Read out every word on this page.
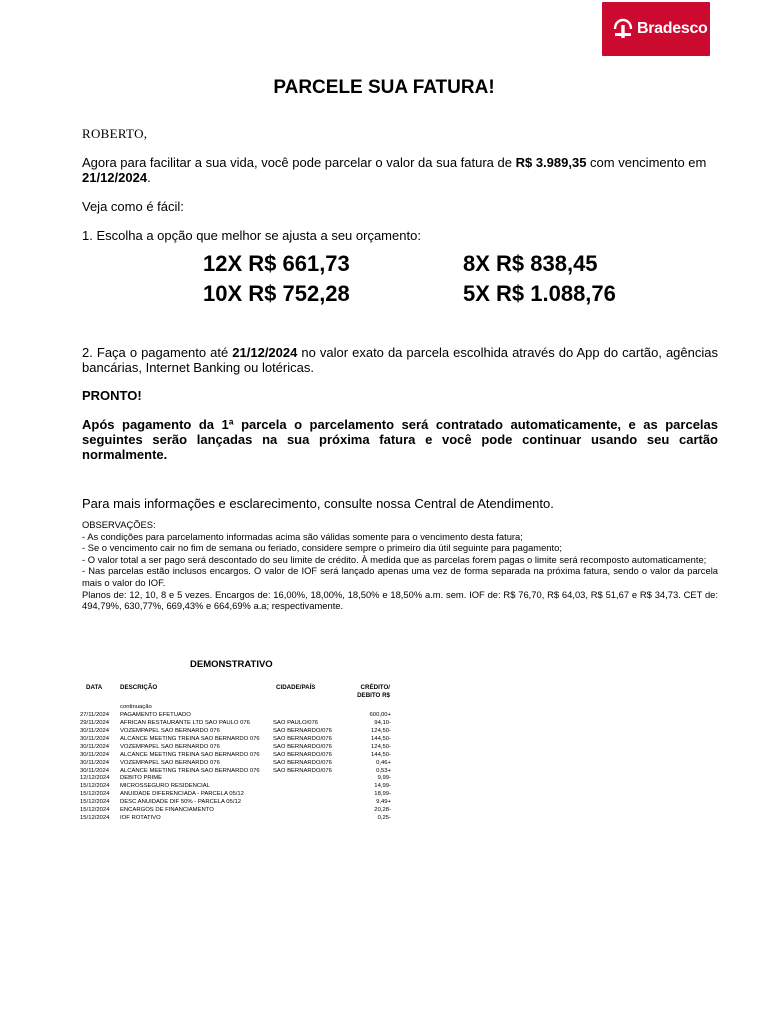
Bradesco
PARCELE SUA FATURA!
ROBERTO,
Agora para facilitar a sua vida, você pode parcelar o valor da sua fatura de R$ 3.989,35 com vencimento em 21/12/2024.
Veja como é fácil:
1. Escolha a opção que melhor se ajusta a seu orçamento:
12X R$ 661,73	8X R$ 838,45
10X R$ 752,28	5X R$ 1.088,76
2. Faça o pagamento até 21/12/2024 no valor exato da parcela escolhida através do App do cartão, agências bancárias, Internet Banking ou lotéricas.
PRONTO!
Após pagamento da 1ª parcela o parcelamento será contratado automaticamente, e as parcelas seguintes serão lançadas na sua próxima fatura e você pode continuar usando seu cartão normalmente.
Para mais informações e esclarecimento, consulte nossa Central de Atendimento.
OBSERVAÇÕES:
- As condições para parcelamento informadas acima são válidas somente para o vencimento desta fatura;
- Se o vencimento cair no fim de semana ou feriado, considere sempre o primeiro dia útil seguinte para pagamento;
- O valor total a ser pago será descontado do seu limite de crédito. À medida que as parcelas forem pagas o limite será recomposto automaticamente;
- Nas parcelas estão inclusos encargos. O valor de IOF será lançado apenas uma vez de forma separada na próxima fatura, sendo o valor da parcela mais o valor do IOF.
Planos de: 12, 10, 8 e 5 vezes. Encargos de: 16,00%, 18,00%, 18,50% e 18,50% a.m. sem. IOF de: R$ 76,70, R$ 64,03, R$ 51,67 e R$ 34,73. CET de: 494,79%, 630,77%, 669,43% e 664,69% a.a; respectivamente.
DEMONSTRATIVO
DATA	DESCRIÇÃO	CIDADE/PAÍS	CRÉDITO/
DEBITO R$
continuação
27/11/2024 PAGAMENTO EFETUADO	600,00+
29/11/2024 AFRICAN RESTAURANTE LTD SAO PAULO 076	SAO PAULO/076	94,10-
30/11/2024 VOZEMPAPEL SAO BERNARDO 076	SAO BERNARDO/076	124,50-
30/11/2024 ALCANCE MEETING TREINA SAO BERNARDO 076 SAO BERNARDO/076	144,50-
30/11/2024 VOZEMPAPEL SAO BERNARDO 076	SAO BERNARDO/076	124,50-
30/11/2024 ALCANCE MEETING TREINA SAO BERNARDO 076 SAO BERNARDO/076	144,50-
30/11/2024 VOZEMPAPEL SAO BERNARDO 076	SAO BERNARDO/076	0,46+
30/11/2024 ALCANCE MEETING TREINA SAO BERNARDO 076 SAO BERNARDO/076	0,53+
12/12/2024 DEBITO PRIME	9,99-
15/12/2024 MICROSSEGURO RESIDENCIAL	14,99-
15/12/2024 ANUIDADE DIFERENCIADA - PARCELA 05/12	18,99-
15/12/2024 DESC ANUIDADE DIF 50% - PARCELA 05/12	9,49+
15/12/2024 ENCARGOS DE FINANCIAMENTO	20,28-
15/12/2024 IOF ROTATIVO	0,25-
